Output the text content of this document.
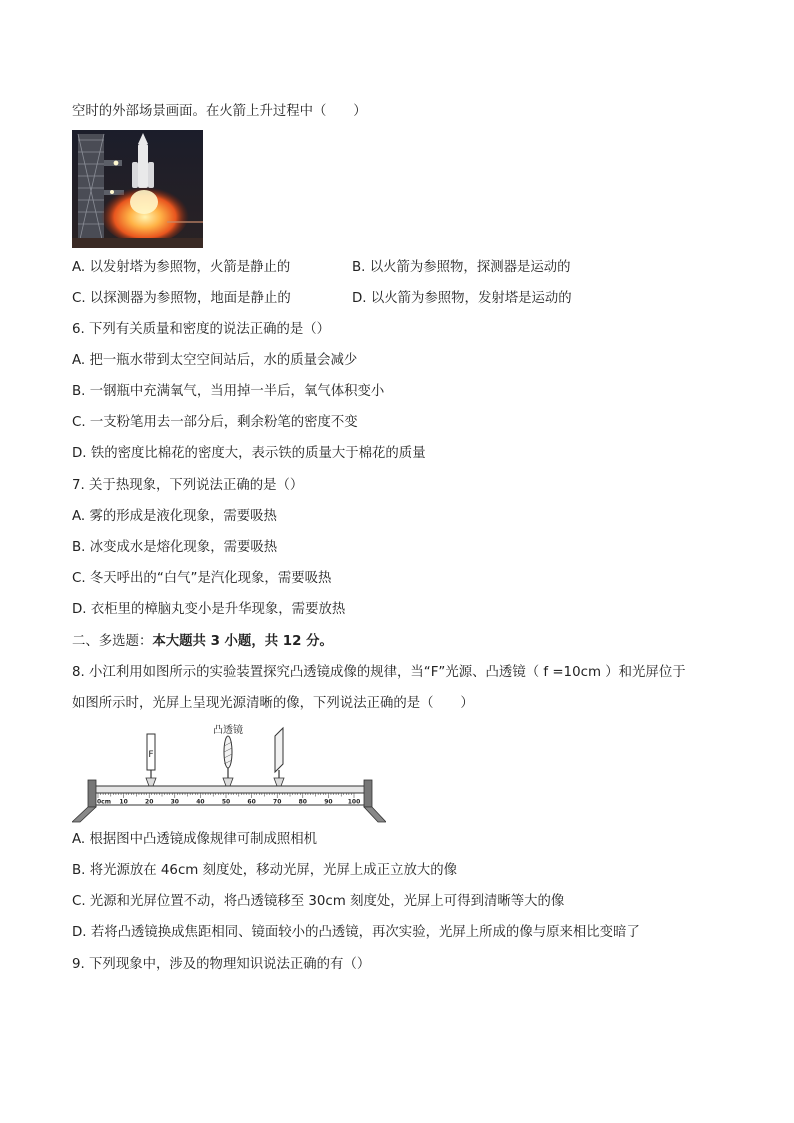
空时的外部场景画面。在火箭上升过程中（　　）
A. 以发射塔为参照物，火箭是静止的	B. 以火箭为参照物，探测器是运动的
C. 以探测器为参照物，地面是静止的	D. 以火箭为参照物，发射塔是运动的
6. 下列有关质量和密度的说法正确的是（）
A. 把一瓶水带到太空空间站后，水的质量会减少
B. 一钢瓶中充满氧气，当用掉一半后，氧气体积变小
C. 一支粉笔用去一部分后，剩余粉笔的密度不变
D. 铁的密度比棉花的密度大，表示铁的质量大于棉花的质量
7. 关于热现象，下列说法正确的是（）
A. 雾的形成是液化现象，需要吸热
B. 冰变成水是熔化现象，需要吸热
C. 冬天呼出的“白气”是汽化现象，需要吸热
D. 衣柜里的樟脑丸变小是升华现象，需要放热
二、多选题：本大题共 3 小题，共 12 分。
8. 小江利用如图所示的实验装置探究凸透镜成像的规律，当“F”光源、凸透镜（ f =10cm ）和光屏位于
如图所示时，光屏上呈现光源清晰的像，下列说法正确的是（　　）
凸透镜
F
0cm 10	20	30	40	50	60	70	80	90	100
A. 根据图中凸透镜成像规律可制成照相机
B. 将光源放在 46cm 刻度处，移动光屏，光屏上成正立放大的像
C. 光源和光屏位置不动，将凸透镜移至 30cm 刻度处，光屏上可得到清晰等大的像
D. 若将凸透镜换成焦距相同、镜面较小的凸透镜，再次实验，光屏上所成的像与原来相比变暗了
9. 下列现象中，涉及的物理知识说法正确的有（）
